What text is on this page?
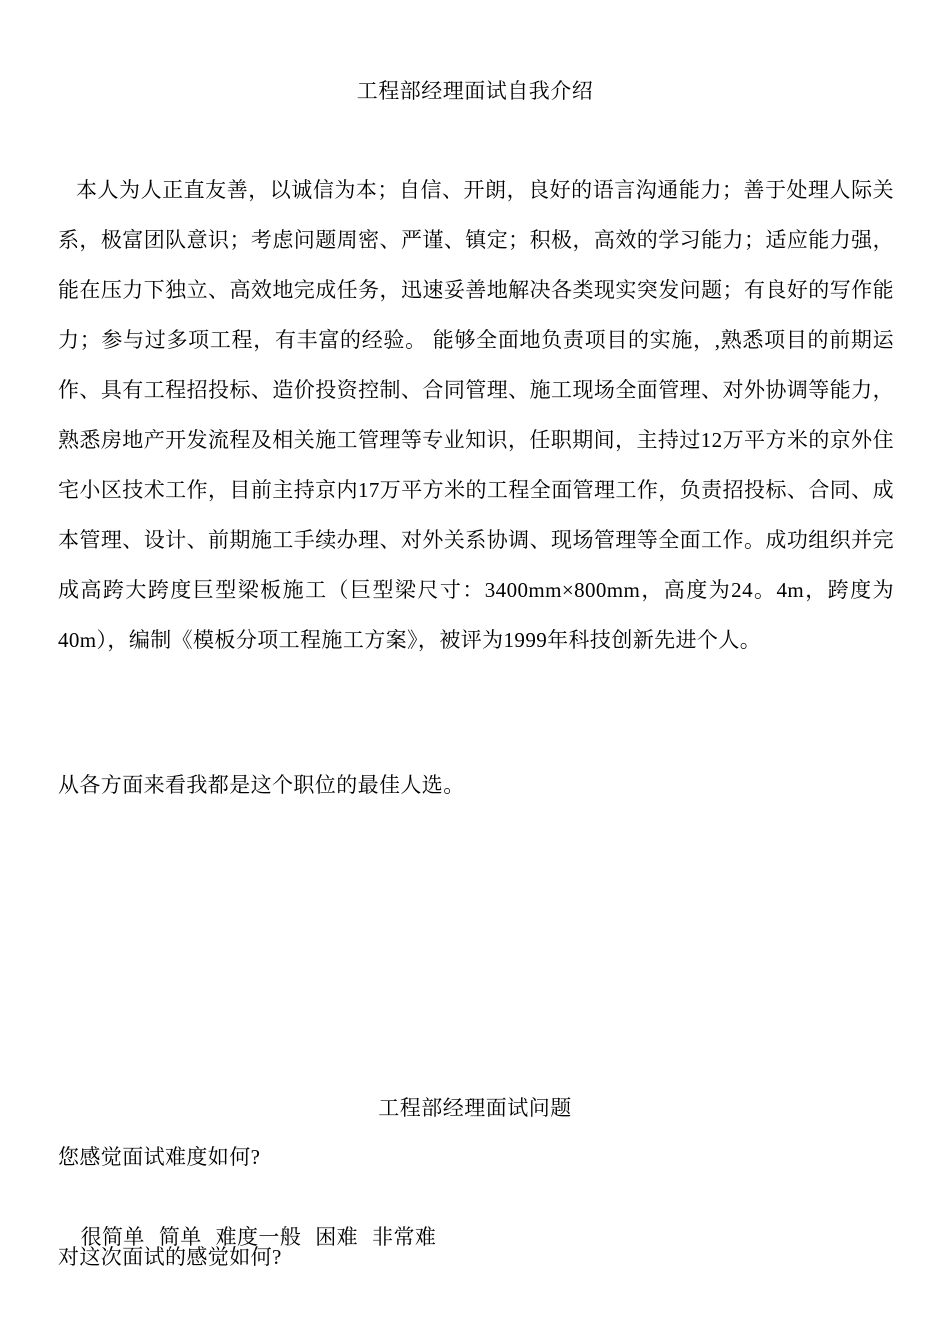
工程部经理面试自我介绍
本人为人正直友善，以诚信为本；自信、开朗，良好的语言沟通能力；善于处理人际关系，极富团队意识；考虑问题周密、严谨、镇定；积极，高效的学习能力；适应能力强，能在压力下独立、高效地完成任务，迅速妥善地解决各类现实突发问题；有良好的写作能力；参与过多项工程，有丰富的经验。 能够全面地负责项目的实施，,熟悉项目的前期运作、具有工程招投标、造价投资控制、合同管理、施工现场全面管理、对外协调等能力，熟悉房地产开发流程及相关施工管理等专业知识，任职期间，主持过12万平方米的京外住宅小区技术工作，目前主持京内17万平方米的工程全面管理工作，负责招投标、合同、成本管理、设计、前期施工手续办理、对外关系协调、现场管理等全面工作。成功组织并完成高跨大跨度巨型梁板施工（巨型梁尺寸：3400mm×800mm，高度为24。4m，跨度为40m），编制《模板分项工程施工方案》，被评为1999年科技创新先进个人。
从各方面来看我都是这个职位的最佳人选。
工程部经理面试问题
您感觉面试难度如何?

很简单 简单 难度一般 困难 非常难

对这次面试的感觉如何?
